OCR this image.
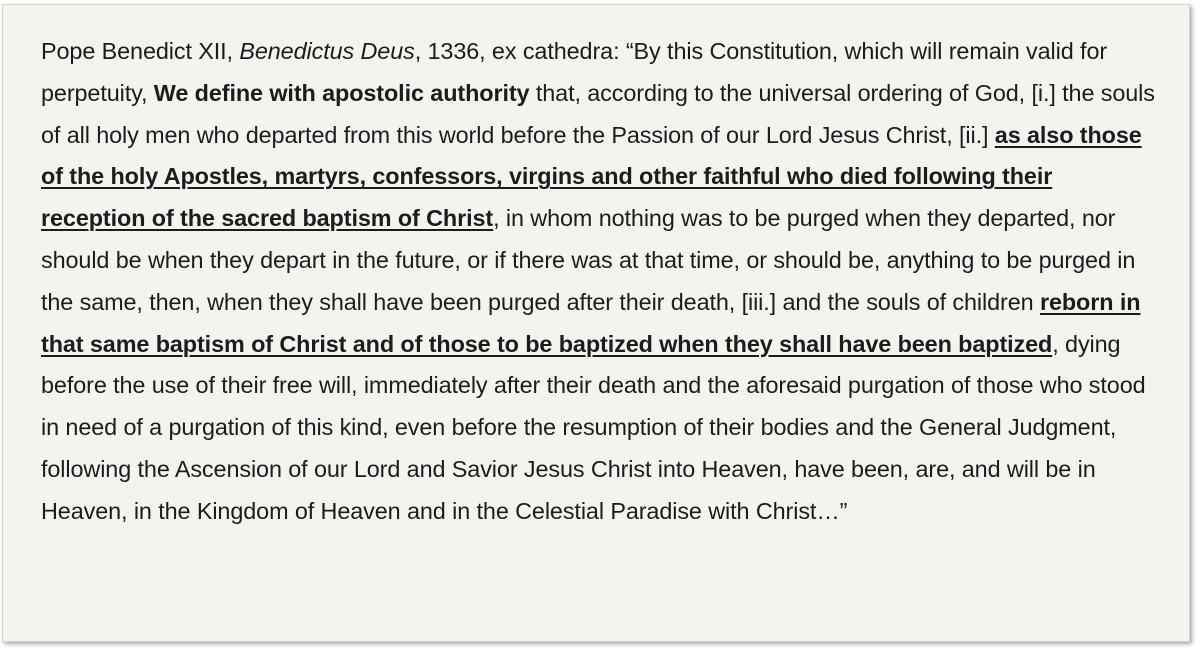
Pope Benedict XII, Benedictus Deus, 1336, ex cathedra: “By this Constitution, which will remain valid for perpetuity, We define with apostolic authority that, according to the universal ordering of God, [i.] the souls of all holy men who departed from this world before the Passion of our Lord Jesus Christ, [ii.] as also those of the holy Apostles, martyrs, confessors, virgins and other faithful who died following their reception of the sacred baptism of Christ, in whom nothing was to be purged when they departed, nor should be when they depart in the future, or if there was at that time, or should be, anything to be purged in the same, then, when they shall have been purged after their death, [iii.] and the souls of children reborn in that same baptism of Christ and of those to be baptized when they shall have been baptized, dying before the use of their free will, immediately after their death and the aforesaid purgation of those who stood in need of a purgation of this kind, even before the resumption of their bodies and the General Judgment, following the Ascension of our Lord and Savior Jesus Christ into Heaven, have been, are, and will be in Heaven, in the Kingdom of Heaven and in the Celestial Paradise with Christ…”
